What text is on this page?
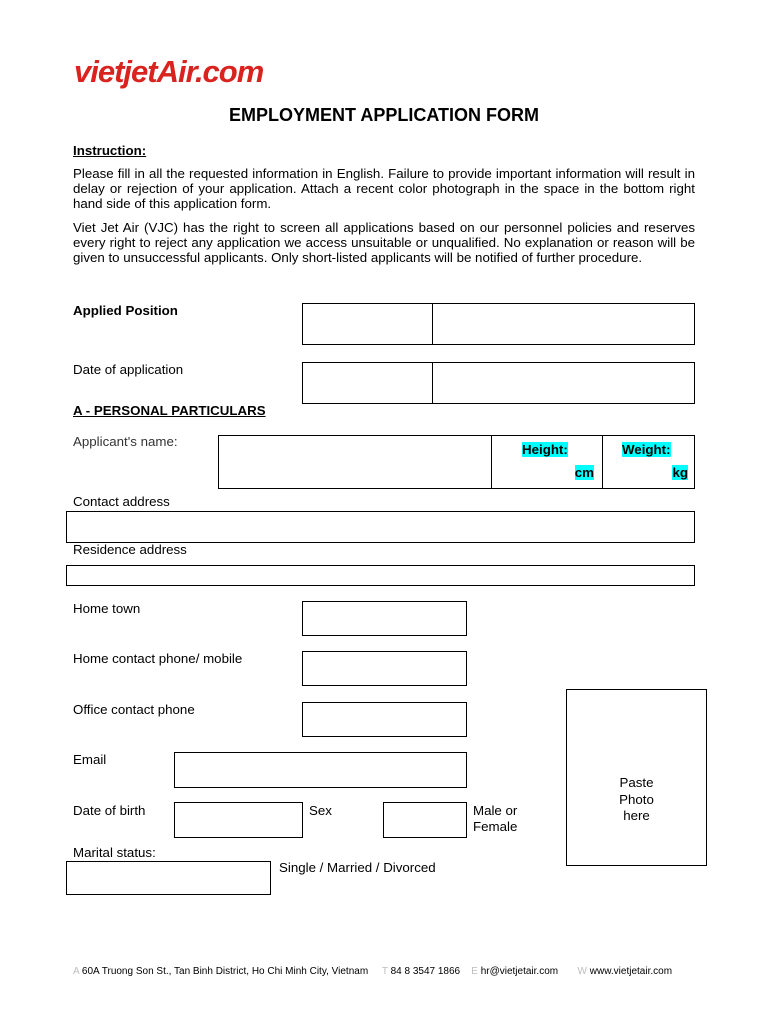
vietjetAir.com
EMPLOYMENT APPLICATION FORM
Instruction:
Please fill in all the requested information in English. Failure to provide important information will result in delay or rejection of your application. Attach a recent color photograph in the space in the bottom right hand side of this application form.
Viet Jet Air (VJC) has the right to screen all applications based on our personnel policies and reserves every right to reject any application we access unsuitable or unqualified. No explanation or reason will be given to unsuccessful applicants. Only short-listed applicants will be notified of further procedure.
Applied Position
Date of application
A - PERSONAL PARTICULARS
Applicant's name:
Height:
cm
Weight:
kg
Contact address
Residence address
Home town
Home contact phone/ mobile
Office contact phone
Email
Date of birth	Sex	Male or
Female
Marital status:
Single / Married / Divorced
Paste
Photo
here
A 60A Truong Son St., Tan Binh District, Ho Chi Minh City, Vietnam T 84 8 3547 1866 E hr@vietjetair.com W www.vietjetair.com
